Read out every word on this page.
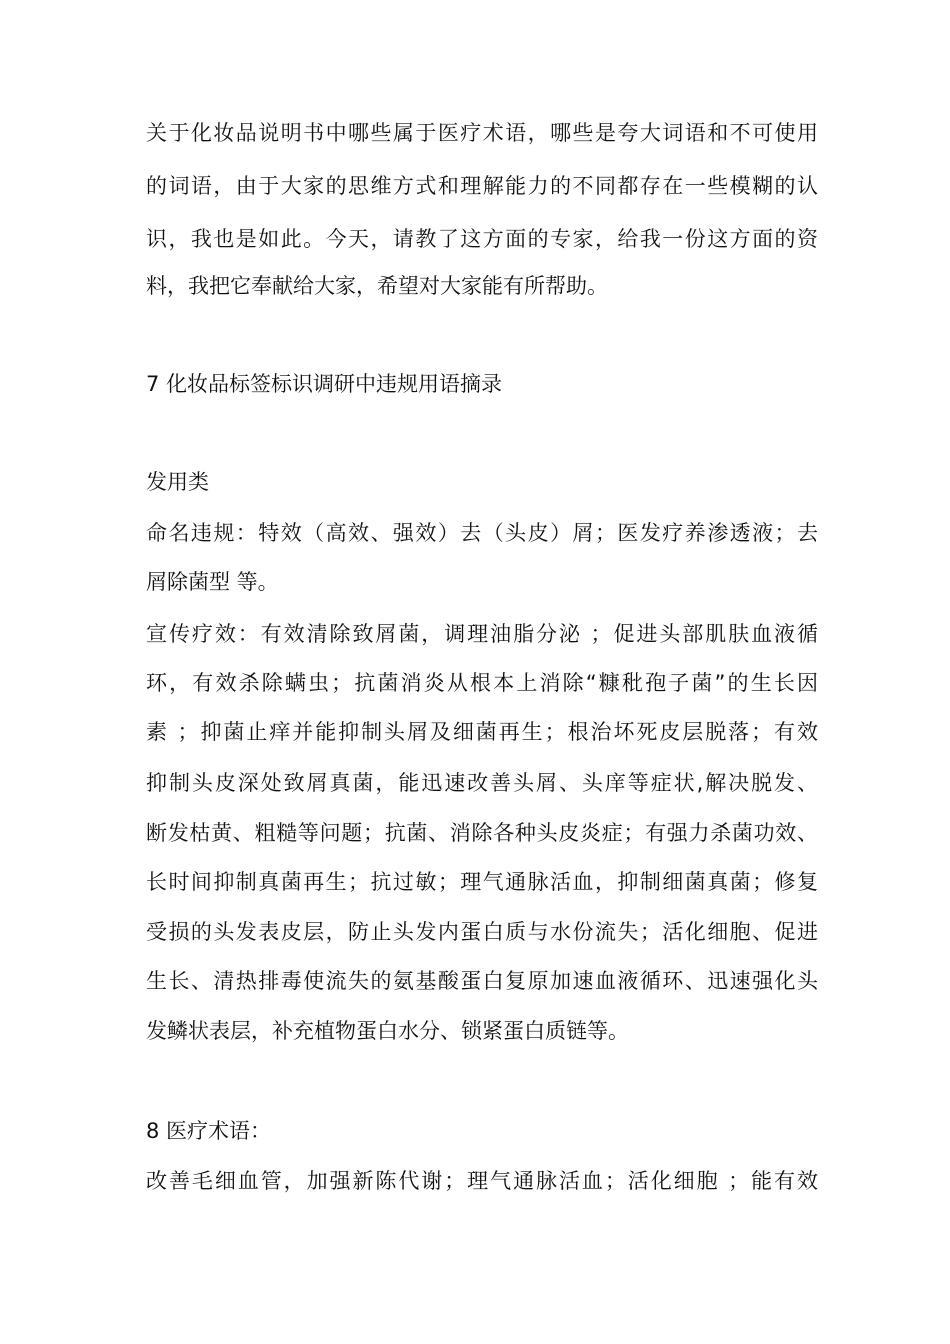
关于化妆品说明书中哪些属于医疗术语，哪些是夸大词语和不可使用
的词语，由于大家的思维方式和理解能力的不同都存在一些模糊的认
识，我也是如此。今天，请教了这方面的专家，给我一份这方面的资
料，我把它奉献给大家，希望对大家能有所帮助。
7 化妆品标签标识调研中违规用语摘录
发用类
命名违规：特效（高效、强效）去（头皮）屑；医发疗养渗透液；去
屑除菌型 等。
宣传疗效：有效清除致屑菌，调理油脂分泌 ；促进头部肌肤血液循
环，有效杀除螨虫；抗菌消炎从根本上消除“糠秕孢子菌”的生长因
素 ；抑菌止痒并能抑制头屑及细菌再生；根治坏死皮层脱落；有效
抑制头皮深处致屑真菌，能迅速改善头屑、头庠等症状,解决脱发、
断发枯黄、粗糙等问题；抗菌、消除各种头皮炎症；有强力杀菌功效、
长时间抑制真菌再生；抗过敏；理气通脉活血，抑制细菌真菌；修复
受损的头发表皮层，防止头发内蛋白质与水份流失；活化细胞、促进
生长、清热排毒使流失的氨基酸蛋白复原加速血液循环、迅速强化头
发鳞状表层，补充植物蛋白水分、锁紧蛋白质链等。
8 医疗术语：
改善毛细血管，加强新陈代谢；理气通脉活血；活化细胞 ；能有效
